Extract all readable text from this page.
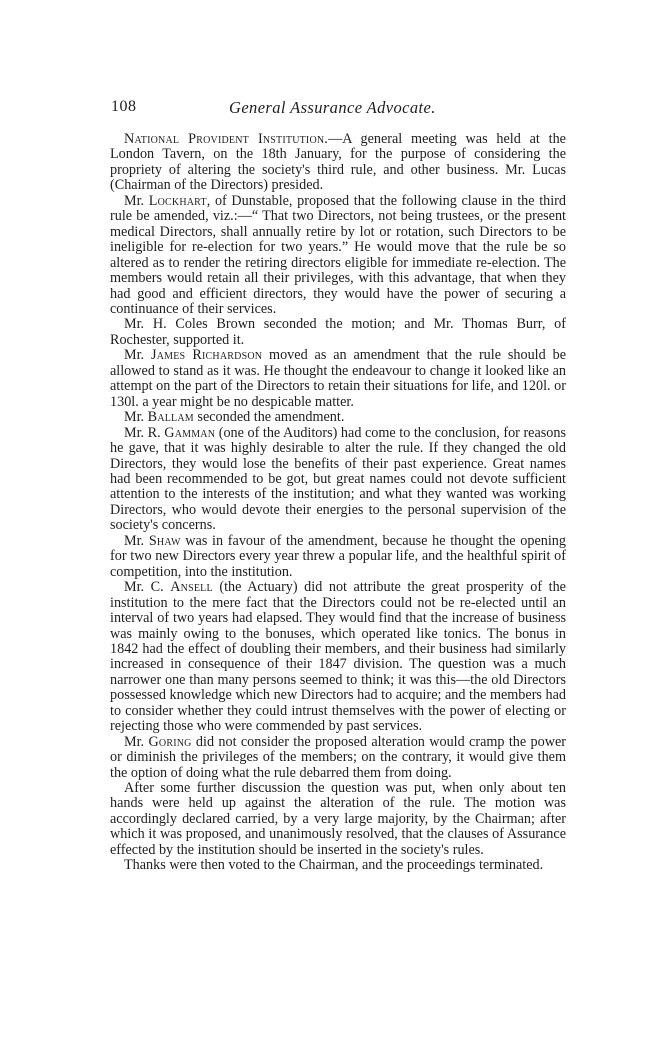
108	General Assurance Advocate.

National Provident Institution.—A general meeting was held at the London Tavern, on the 18th January, for the purpose of considering the propriety of altering the society's third rule, and other business. Mr. Lucas (Chairman of the Directors) presided.

Mr. Lockhart, of Dunstable, proposed that the following clause in the third rule be amended, viz.:—“ That two Directors, not being trustees, or the present medical Directors, shall annually retire by lot or rotation, such Directors to be ineligible for re-election for two years.” He would move that the rule be so altered as to render the retiring directors eligible for immediate re-election. The members would retain all their privileges, with this advantage, that when they had good and efficient directors, they would have the power of securing a continuance of their services.

Mr. H. Coles Brown seconded the motion; and Mr. Thomas Burr, of Rochester, supported it.

Mr. James Richardson moved as an amendment that the rule should be allowed to stand as it was. He thought the endeavour to change it looked like an attempt on the part of the Directors to retain their situations for life, and 120l. or 130l. a year might be no despicable matter.

Mr. Ballam seconded the amendment.

Mr. R. Gamman (one of the Auditors) had come to the conclusion, for reasons he gave, that it was highly desirable to alter the rule. If they changed the old Directors, they would lose the benefits of their past experience. Great names had been recommended to be got, but great names could not devote sufficient attention to the interests of the institution; and what they wanted was working Directors, who would devote their energies to the personal supervision of the society's concerns.

Mr. Shaw was in favour of the amendment, because he thought the opening for two new Directors every year threw a popular life, and the healthful spirit of competition, into the institution.

Mr. C. Ansell (the Actuary) did not attribute the great prosperity of the institution to the mere fact that the Directors could not be re-elected until an interval of two years had elapsed. They would find that the increase of business was mainly owing to the bonuses, which operated like tonics. The bonus in 1842 had the effect of doubling their members, and their business had similarly increased in consequence of their 1847 division. The question was a much narrower one than many persons seemed to think; it was this—the old Directors possessed knowledge which new Directors had to acquire; and the members had to consider whether they could intrust themselves with the power of electing or rejecting those who were commended by past services.

Mr. Goring did not consider the proposed alteration would cramp the power or diminish the privileges of the members; on the contrary, it would give them the option of doing what the rule debarred them from doing.

After some further discussion the question was put, when only about ten hands were held up against the alteration of the rule. The motion was accordingly declared carried, by a very large majority, by the Chairman; after which it was proposed, and unanimously resolved, that the clauses of Assurance effected by the institution should be inserted in the society's rules.

Thanks were then voted to the Chairman, and the proceedings terminated.
